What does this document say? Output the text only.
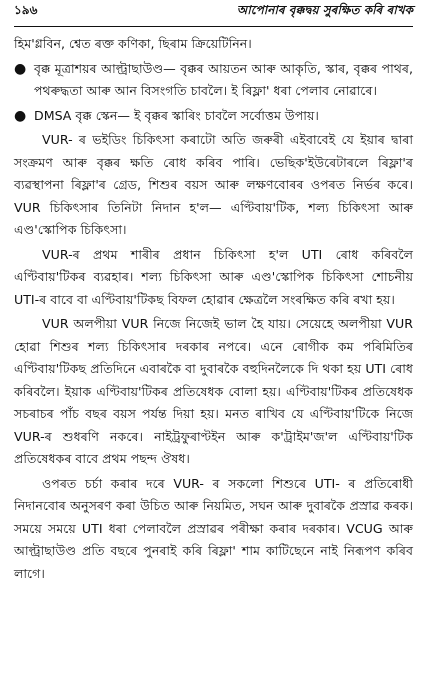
১৯৬	আপোনাৰ বৃক্কদ্বয় সুৰক্ষিত কৰি ৰাখক

হিম'গ্লবিন, শ্বেত ৰক্ত কণিকা, ছিৰাম ক্ৰিয়েটিনিন।

● বৃক্ক মূত্ৰাশয়ৰ আল্ট্ৰাছাউণ্ড— বৃক্কৰ আয়তন আৰু আকৃতি, স্কাৰ, বৃক্কৰ পাথৰ, পথৰুদ্ধতা আৰু আন বিসংগতি চাবলৈ। ই ৰিফ্লা' ধৰা পেলাব নোৱাৰে।
● DMSA বৃক্ক স্কেন— ই বৃক্কৰ স্কাৰিং চাবলৈ সৰ্বোত্তম উপায়।

VUR- ৰ ভইডিং চিকিৎসা কৰাটো অতি জৰুৰী এইবাবেই যে ইয়াৰ দ্বাৰা সংক্ৰমণ আৰু বৃক্কৰ ক্ষতি ৰোধ কৰিব পাৰি। ভেছিক'ইউৰেটাৰলে ৰিফ্লা'ৰ ব্যৱস্থাপনা ৰিফ্লা'ৰ গ্ৰেড, শিশুৰ বয়স আৰু লক্ষণবোৰৰ ওপৰত নিৰ্ভৰ কৰে। VUR চিকিৎসাৰ তিনিটা নিদান হ'ল— এণ্টিবায়'টিক, শল্য চিকিৎসা আৰু এণ্ড'স্কোপিক চিকিৎসা।

VUR-ৰ প্ৰথম শাৰীৰ প্ৰধান চিকিৎসা হ'ল UTI ৰোধ কৰিবলৈ এণ্টিবায়'টিকৰ ব্যৱহাৰ। শল্য চিকিৎসা আৰু এণ্ড'স্কোপিক চিকিৎসা শোচনীয় UTI-ৰ বাবে বা এণ্টিবায়'টিকছ বিফল হোৱাৰ ক্ষেত্ৰলৈ সংৰক্ষিত কৰি ৰখা হয়।

VUR অলপীয়া VUR নিজে নিজেই ভাল হৈ যায়। সেয়েহে অলপীয়া VUR হোৱা শিশুৰ শল্য চিকিৎসাৰ দৰকাৰ নপৰে। এনে ৰোগীক কম পৰিমিতিৰ এণ্টিবায়'টিকছ প্ৰতিদিনে এবাৰকৈ বা দুবাৰকৈ বহুদিনলৈকে দি থকা হয় UTI ৰোধ কৰিবলৈ। ইয়াক এণ্টিবায়'টিকৰ প্ৰতিষেধক বোলা হয়। এণ্টিবায়'টিকৰ প্ৰতিষেধক সচৰাচৰ পাঁচ বছৰ বয়স পৰ্যন্ত দিয়া হয়। মনত ৰাখিব যে এণ্টিবায়'টিকে নিজে VUR-ৰ শুধৰণি নকৰে। নাইট্ৰফুৰাণ্টইন আৰু ক'ট্ৰাইম'জ'ল এণ্টিবায়'টিক প্ৰতিষেধকৰ বাবে প্ৰথম পছন্দ ঔষধ।

ওপৰত চৰ্চা কৰাৰ দৰে VUR- ৰ সকলো শিশুৰে UTI- ৰ প্ৰতিৰোধী নিদানবোৰ অনুসৰণ কৰা উচিত আৰু নিয়মিত, সঘন আৰু দুবাৰকৈ প্ৰস্ৰাৱ কৰক। সময়ে সময়ে UTI ধৰা পেলাবলৈ প্ৰস্ৰাৱৰ পৰীক্ষা কৰাৰ দৰকাৰ। VCUG আৰু আল্ট্ৰাছাউণ্ড প্ৰতি বছৰে পুনৰাই কৰি ৰিফ্লা' শাম কাটিছেনে নাই নিৰূপণ কৰিব লাগে।
